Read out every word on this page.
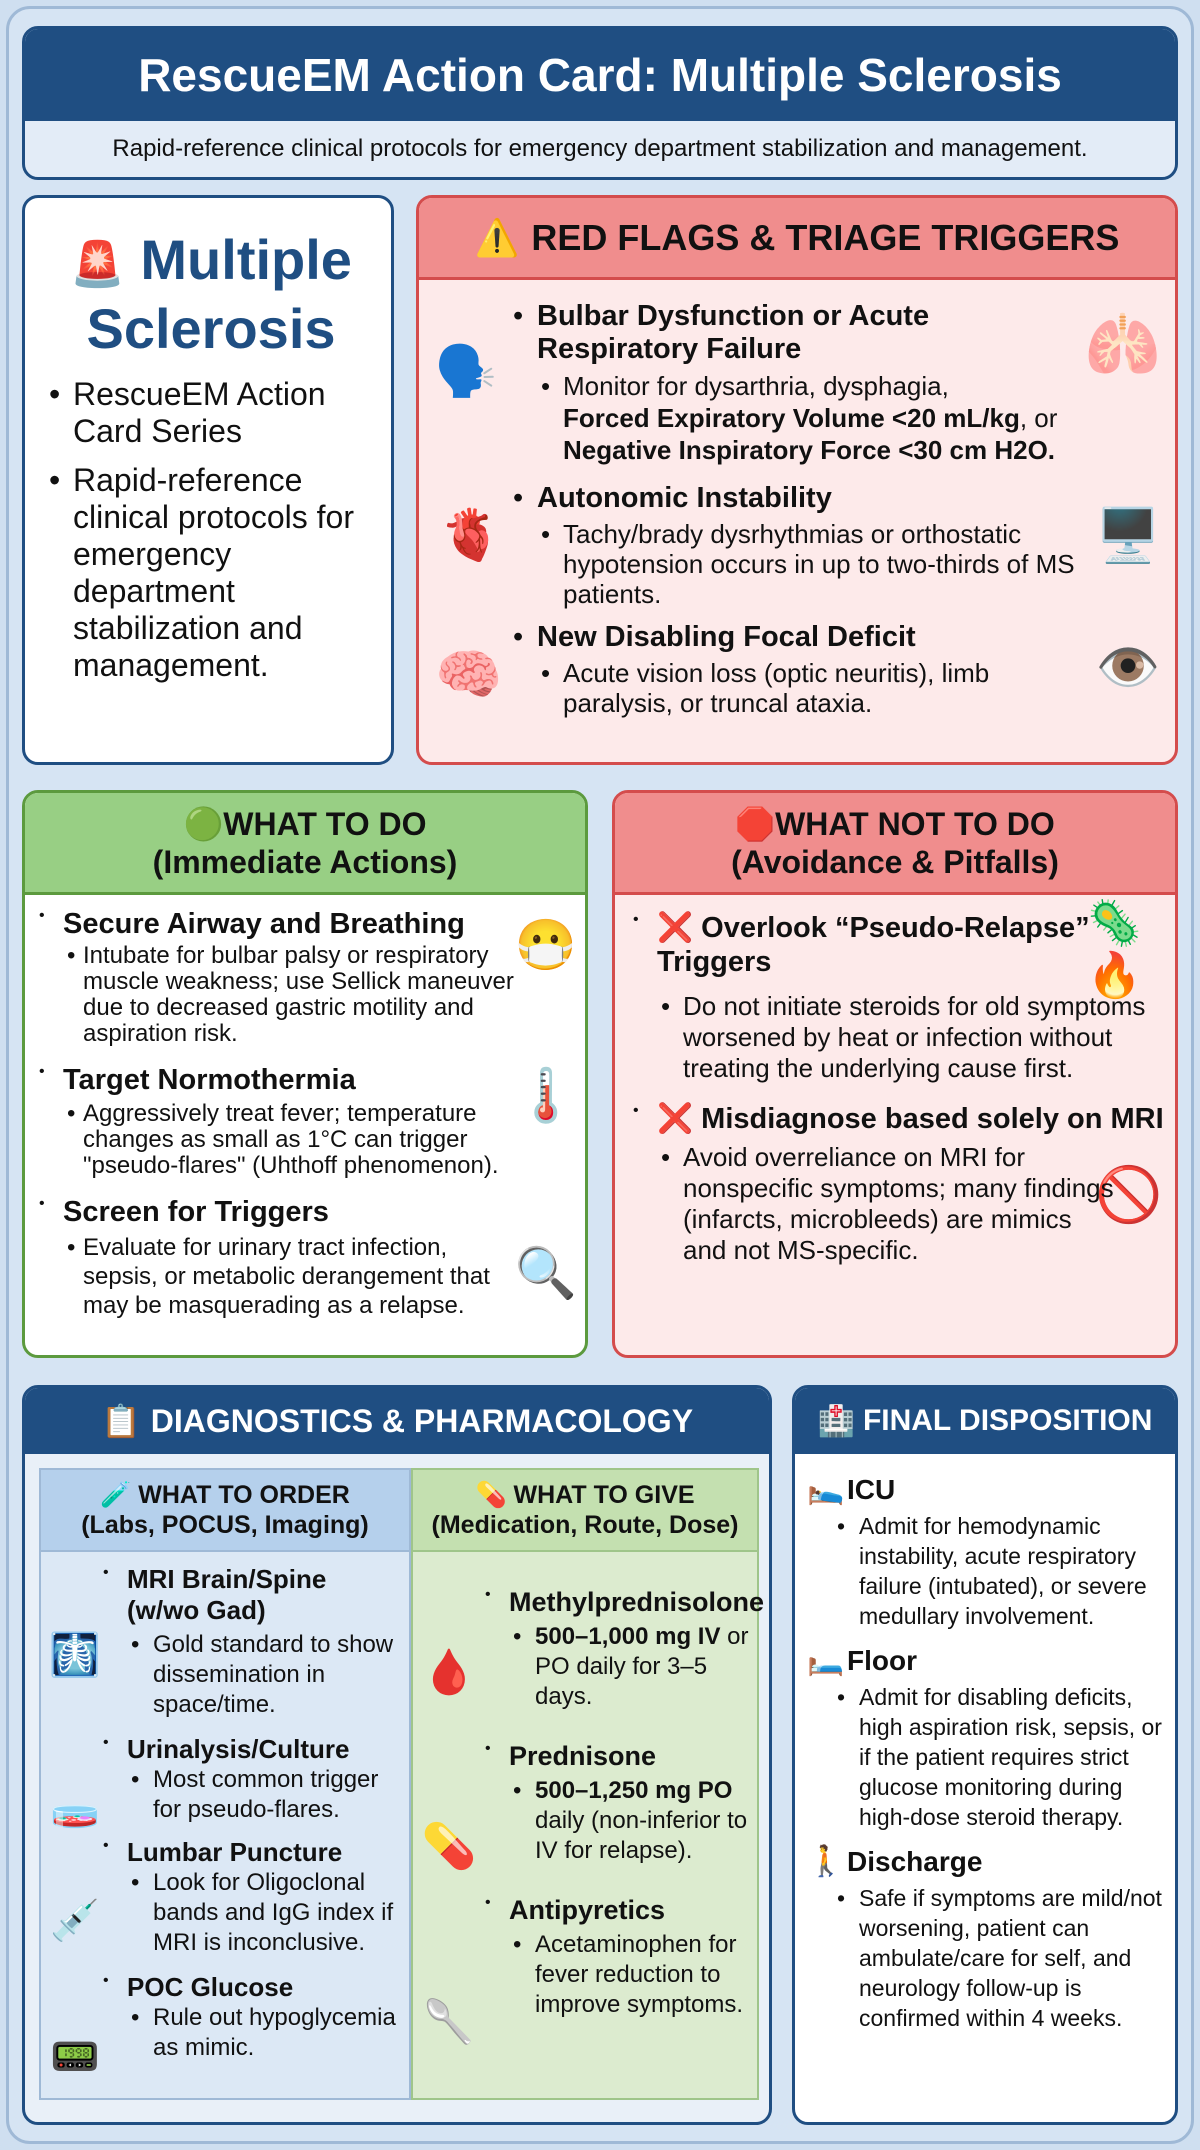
RescueEM Action Card: Multiple Sclerosis
Rapid-reference clinical protocols for emergency department stabilization and management.
🚨 Multiple
Sclerosis
• RescueEM Action Card Series
• Rapid-reference clinical protocols for emergency department stabilization and management.
⚠️ RED FLAGS & TRIAGE TRIGGERS
🗣️	🫁
🫀	🖥️
🧠	👁️
• Bulbar Dysfunction or Acute Respiratory Failure
• Monitor for dysarthria, dysphagia,
Forced Expiratory Volume <20 mL/kg, or
Negative Inspiratory Force <30 cm H2O.
• Autonomic Instability
• Tachy/brady dysrhythmias or orthostatic hypotension occurs in up to two-thirds of MS patients.
• New Disabling Focal Deficit
• Acute vision loss (optic neuritis), limb paralysis, or truncal ataxia.
🟢WHAT TO DO
(Immediate Actions)
😷
🌡️
🔍
• Secure Airway and Breathing
• Intubate for bulbar palsy or respiratory muscle weakness; use Sellick maneuver due to decreased gastric motility and aspiration risk.
• Target Normothermia
• Aggressively treat fever; temperature changes as small as 1°C can trigger "pseudo-flares" (Uhthoff phenomenon).
• Screen for Triggers
• Evaluate for urinary tract infection, sepsis, or metabolic derangement that may be masquerading as a relapse.
🛑WHAT NOT TO DO
(Avoidance & Pitfalls)
🦠🔥
🚫
• ❌ Overlook “Pseudo-Relapse” Triggers
• Do not initiate steroids for old symptoms worsened by heat or infection without treating the underlying cause first.
• ❌ Misdiagnose based solely on MRI
• Avoid overreliance on MRI for nonspecific symptoms; many findings (infarcts, microbleeds) are mimics and not MS-specific.
📋 DIAGNOSTICS & PHARMACOLOGY
🧪 WHAT TO ORDER
(Labs, POCUS, Imaging)
🩻
🧫
💉
📟
• MRI Brain/Spine (w/wo Gad)
• Gold standard to show dissemination in space/time.
• Urinalysis/Culture
• Most common trigger for pseudo-flares.
• Lumbar Puncture
• Look for Oligoclonal bands and IgG index if MRI is inconclusive.
• POC Glucose
• Rule out hypoglycemia as mimic.
💊 WHAT TO GIVE
(Medication, Route, Dose)
🩸
💊
🥄
• Methylprednisolone
• 500–1,000 mg IV or PO daily for 3–5 days.
• Prednisone
• 500–1,250 mg PO daily (non-inferior to IV for relapse).
• Antipyretics
• Acetaminophen for fever reduction to improve symptoms.
🏥 FINAL DISPOSITION
🛌 ICU
• Admit for hemodynamic instability, acute respiratory failure (intubated), or severe medullary involvement.
🛏️ Floor
• Admit for disabling deficits, high aspiration risk, sepsis, or if the patient requires strict glucose monitoring during high-dose steroid therapy.
🚶 Discharge
• Safe if symptoms are mild/not worsening, patient can ambulate/care for self, and neurology follow-up is confirmed within 4 weeks.
